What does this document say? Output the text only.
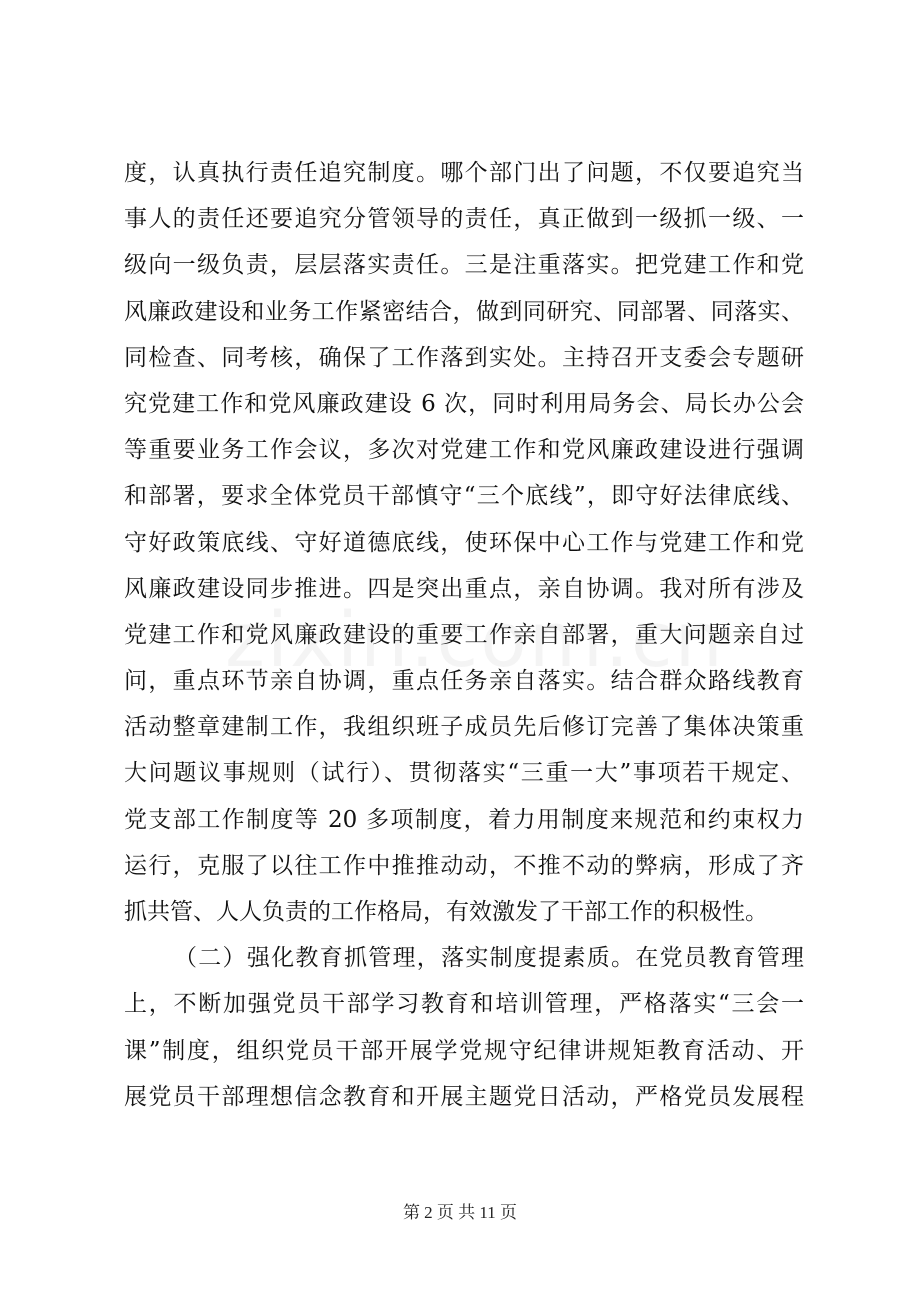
度，认真执行责任追究制度。哪个部门出了问题，不仅要追究当
事人的责任还要追究分管领导的责任，真正做到一级抓一级、一
级向一级负责，层层落实责任。三是注重落实。把党建工作和党
风廉政建设和业务工作紧密结合，做到同研究、同部署、同落实、
同检查、同考核，确保了工作落到实处。主持召开支委会专题研
究党建工作和党风廉政建设 6 次，同时利用局务会、局长办公会
等重要业务工作会议，多次对党建工作和党风廉政建设进行强调
和部署，要求全体党员干部慎守“三个底线”，即守好法律底线、
守好政策底线、守好道德底线，使环保中心工作与党建工作和党
风廉政建设同步推进。四是突出重点，亲自协调。我对所有涉及
党建工作和党风廉政建设的重要工作亲自部署，重大问题亲自过
问，重点环节亲自协调，重点任务亲自落实。结合群众路线教育
活动整章建制工作，我组织班子成员先后修订完善了集体决策重
大问题议事规则（试行）、贯彻落实“三重一大”事项若干规定、
党支部工作制度等 20 多项制度，着力用制度来规范和约束权力
运行，克服了以往工作中推推动动，不推不动的弊病，形成了齐
抓共管、人人负责的工作格局，有效激发了干部工作的积极性。
（二）强化教育抓管理，落实制度提素质。在党员教育管理
上，不断加强党员干部学习教育和培训管理，严格落实“三会一
课”制度，组织党员干部开展学党规守纪律讲规矩教育活动、开
展党员干部理想信念教育和开展主题党日活动，严格党员发展程
第 2 页 共 11 页
